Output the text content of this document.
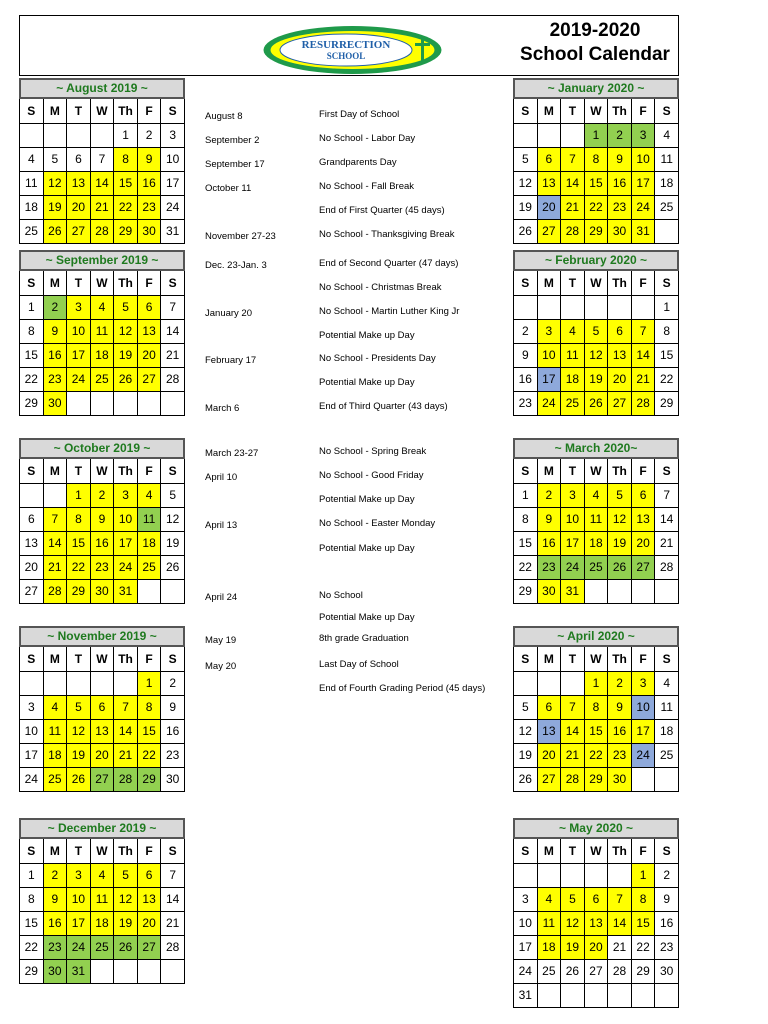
RESURRECTION
SCHOOL
2019-2020
School Calendar
~ August 2019 ~
S	M	T	W	Th	F	S
				1	2	3
4	5	6	7	8	9	10
11	12	13	14	15	16	17
18	19	20	21	22	23	24
25	26	27	28	29	30	31
~ September 2019 ~
S	M	T	W	Th	F	S
1	2	3	4	5	6	7
8	9	10	11	12	13	14
15	16	17	18	19	20	21
22	23	24	25	26	27	28
29	30					
~ October 2019 ~
S	M	T	W	Th	F	S
		1	2	3	4	5
6	7	8	9	10	11	12
13	14	15	16	17	18	19
20	21	22	23	24	25	26
27	28	29	30	31		
~ November 2019 ~
S	M	T	W	Th	F	S
					1	2
3	4	5	6	7	8	9
10	11	12	13	14	15	16
17	18	19	20	21	22	23
24	25	26	27	28	29	30
~ December 2019 ~
S	M	T	W	Th	F	S
1	2	3	4	5	6	7
8	9	10	11	12	13	14
15	16	17	18	19	20	21
22	23	24	25	26	27	28
29	30	31				
~ January 2020 ~
S	M	T	W	Th	F	S
			1	2	3	4
5	6	7	8	9	10	11
12	13	14	15	16	17	18
19	20	21	22	23	24	25
26	27	28	29	30	31	
~ February 2020 ~
S	M	T	W	Th	F	S
						1
2	3	4	5	6	7	8
9	10	11	12	13	14	15
16	17	18	19	20	21	22
23	24	25	26	27	28	29
~ March 2020~
S	M	T	W	Th	F	S
1	2	3	4	5	6	7
8	9	10	11	12	13	14
15	16	17	18	19	20	21
22	23	24	25	26	27	28
29	30	31				
~ April 2020 ~
S	M	T	W	Th	F	S
			1	2	3	4
5	6	7	8	9	10	11
12	13	14	15	16	17	18
19	20	21	22	23	24	25
26	27	28	29	30		
~ May 2020 ~
S	M	T	W	Th	F	S
					1	2
3	4	5	6	7	8	9
10	11	12	13	14	15	16
17	18	19	20	21	22	23
24	25	26	27	28	29	30
31						
August 8	First Day of School
September 2	No School - Labor Day
September 17	Grandparents Day
October 11	No School - Fall Break
End of First Quarter (45 days)
November 27-23	No School - Thanksgiving Break
Dec. 23-Jan. 3	End of Second Quarter (47 days)
No School - Christmas Break
January 20	No School - Martin Luther King Jr
Potential Make up Day
February 17	No School - Presidents Day
Potential Make up Day
March 6	End of Third Quarter (43 days)
March 23-27	No School - Spring Break
April 10	No School - Good Friday
Potential Make up Day
April 13	No School - Easter Monday
Potential Make up Day
April 24	No School
Potential Make up Day
May 19	8th grade Graduation
May 20	Last Day of School
End of Fourth Grading Period (45 days)
